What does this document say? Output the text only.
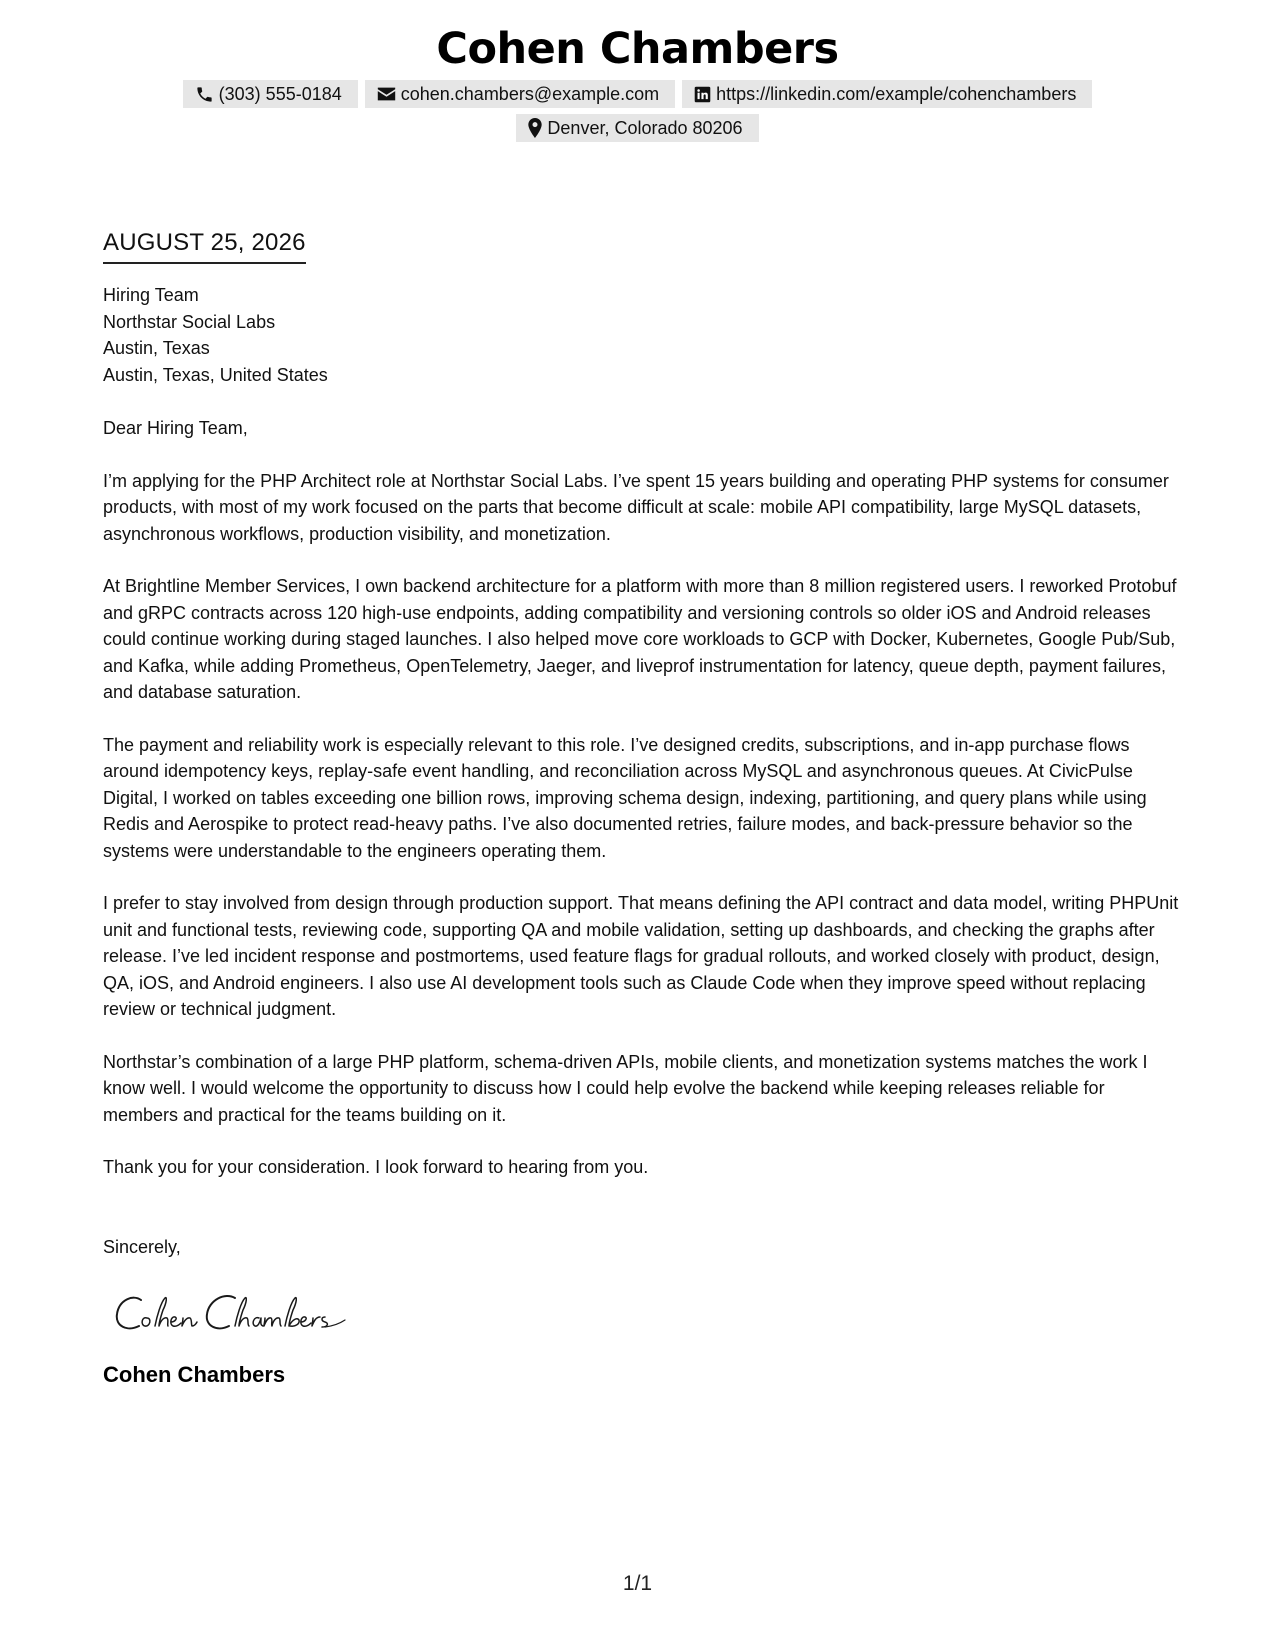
Cohen Chambers
(303) 555-0184	cohen.chambers@example.com	https://linkedin.com/example/cohenchambers
Denver, Colorado 80206
AUGUST 25, 2026
Hiring Team
Northstar Social Labs
Austin, Texas
Austin, Texas, United States
Dear Hiring Team,

I’m applying for the PHP Architect role at Northstar Social Labs. I’ve spent 15 years building and operating PHP systems for consumer products, with most of my work focused on the parts that become difficult at scale: mobile API compatibility, large MySQL datasets, asynchronous workflows, production visibility, and monetization.

At Brightline Member Services, I own backend architecture for a platform with more than 8 million registered users. I reworked Protobuf and gRPC contracts across 120 high-use endpoints, adding compatibility and versioning controls so older iOS and Android releases could continue working during staged launches. I also helped move core workloads to GCP with Docker, Kubernetes, Google Pub/Sub, and Kafka, while adding Prometheus, OpenTelemetry, Jaeger, and liveprof instrumentation for latency, queue depth, payment failures, and database saturation.

The payment and reliability work is especially relevant to this role. I’ve designed credits, subscriptions, and in-app purchase flows around idempotency keys, replay-safe event handling, and reconciliation across MySQL and asynchronous queues. At CivicPulse Digital, I worked on tables exceeding one billion rows, improving schema design, indexing, partitioning, and query plans while using Redis and Aerospike to protect read-heavy paths. I’ve also documented retries, failure modes, and back-pressure behavior so the systems were understandable to the engineers operating them.

I prefer to stay involved from design through production support. That means defining the API contract and data model, writing PHPUnit unit and functional tests, reviewing code, supporting QA and mobile validation, setting up dashboards, and checking the graphs after release. I’ve led incident response and postmortems, used feature flags for gradual rollouts, and worked closely with product, design, QA, iOS, and Android engineers. I also use AI development tools such as Claude Code when they improve speed without replacing review or technical judgment.

Northstar’s combination of a large PHP platform, schema-driven APIs, mobile clients, and monetization systems matches the work I know well. I would welcome the opportunity to discuss how I could help evolve the backend while keeping releases reliable for members and practical for the teams building on it.

Thank you for your consideration. I look forward to hearing from you.
Sincerely,
Cohen Chambers
1/1
